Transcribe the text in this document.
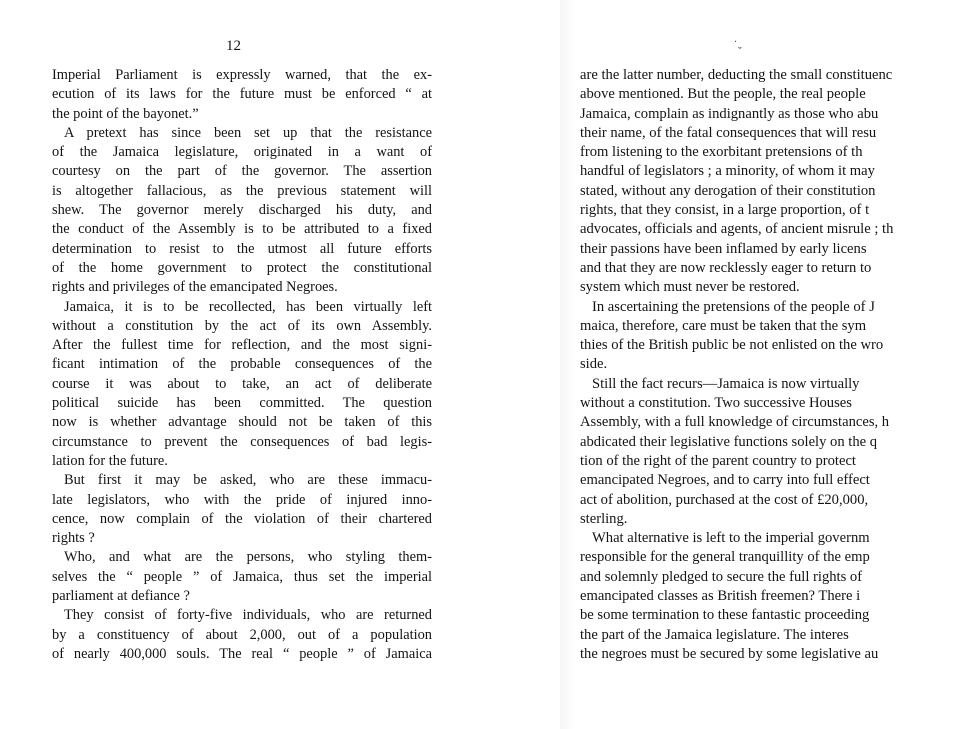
12
Imperial Parliament is expressly warned, that the ex-
ecution of its laws for the future must be enforced “ at
the point of the bayonet.”
A pretext has since been set up that the resistance
of the Jamaica legislature, originated in a want of
courtesy on the part of the governor. The assertion
is altogether fallacious, as the previous statement will
shew. The governor merely discharged his duty, and
the conduct of the Assembly is to be attributed to a fixed
determination to resist to the utmost all future efforts
of the home government to protect the constitutional
rights and privileges of the emancipated Negroes.
Jamaica, it is to be recollected, has been virtually left
without a constitution by the act of its own Assembly.
After the fullest time for reflection, and the most signi-
ficant intimation of the probable consequences of the
course it was about to take, an act of deliberate
political suicide has been committed. The question
now is whether advantage should not be taken of this
circumstance to prevent the consequences of bad legis-
lation for the future.
But first it may be asked, who are these immacu-
late legislators, who with the pride of injured inno-
cence, now complain of the violation of their chartered
rights ?
Who, and what are the persons, who styling them-
selves the “ people ” of Jamaica, thus set the imperial
parliament at defiance ?
They consist of forty-five individuals, who are returned
by a constituency of about 2,000, out of a population
of nearly 400,000 souls. The real “ people ” of Jamaica
ˑˬ
are the latter number, deducting the small constituenc
above mentioned. But the people, the real people
Jamaica, complain as indignantly as those who abu
their name, of the fatal consequences that will resu
from listening to the exorbitant pretensions of th
handful of legislators ; a minority, of whom it may
stated, without any derogation of their constitution
rights, that they consist, in a large proportion, of t
advocates, officials and agents, of ancient misrule ; th
their passions have been inflamed by early licens
and that they are now recklessly eager to return to
system which must never be restored.
In ascertaining the pretensions of the people of J
maica, therefore, care must be taken that the sym
thies of the British public be not enlisted on the wro
side.
Still the fact recurs—Jamaica is now virtually
without a constitution. Two successive Houses
Assembly, with a full knowledge of circumstances, h
abdicated their legislative functions solely on the q
tion of the right of the parent country to protect
emancipated Negroes, and to carry into full effect
act of abolition, purchased at the cost of £20,000,
sterling.
What alternative is left to the imperial governm
responsible for the general tranquillity of the emp
and solemnly pledged to secure the full rights of
emancipated classes as British freemen? There i
be some termination to these fantastic proceeding
the part of the Jamaica legislature. The interes
the negroes must be secured by some legislative au
